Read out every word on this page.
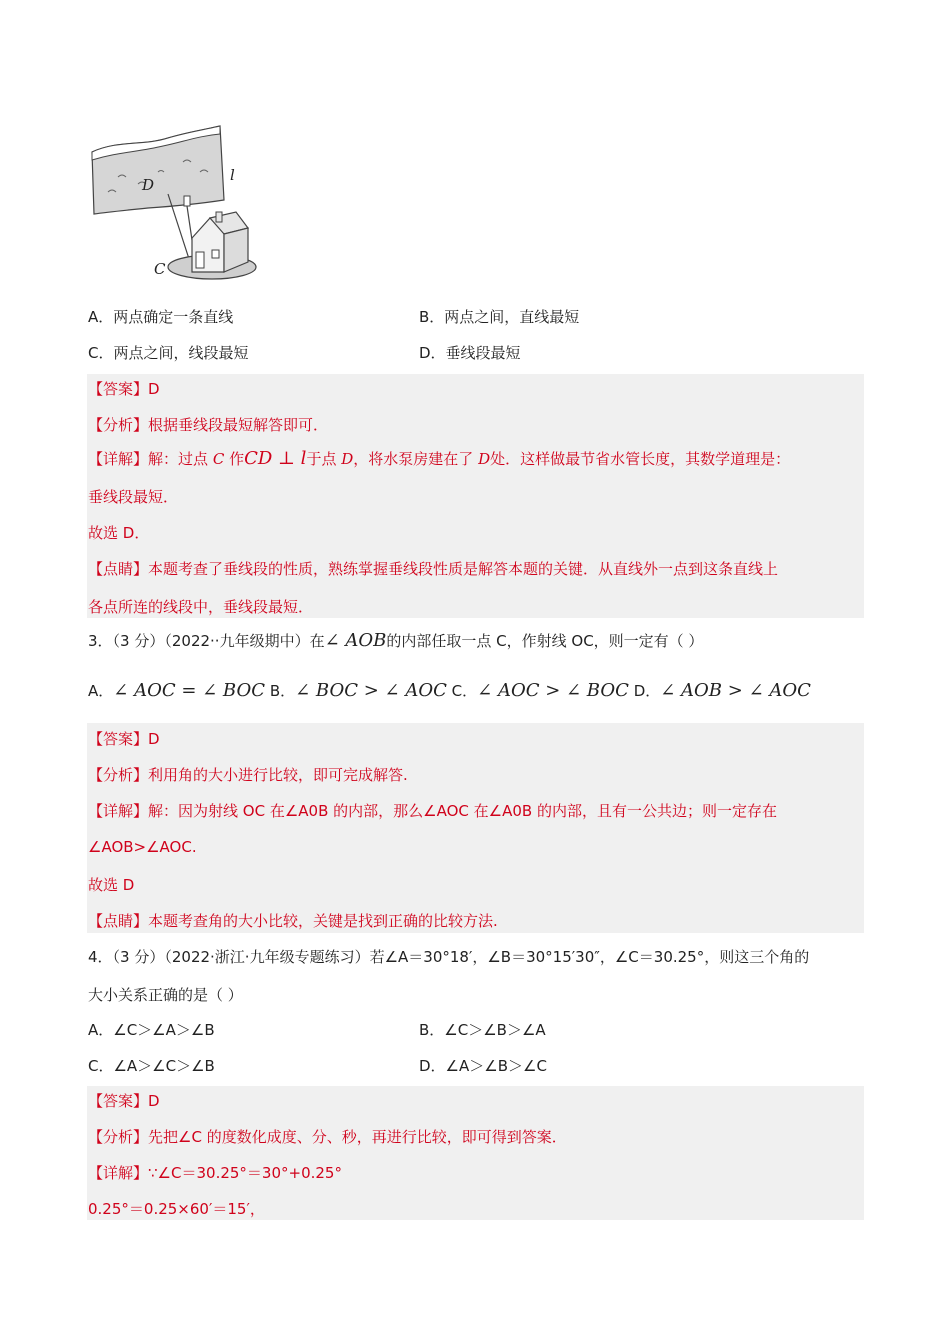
D
l
C
A．两点确定一条直线	B．两点之间，直线最短
C．两点之间，线段最短	D．垂线段最短
【答案】D
【分析】根据垂线段最短解答即可．
【详解】解：过点 C 作CD ⊥ l于点 D，将水泵房建在了 D处．这样做最节省水管长度，其数学道理是：
垂线段最短．
故选 D．
【点睛】本题考查了垂线段的性质，熟练掌握垂线段性质是解答本题的关键．从直线外一点到这条直线上
各点所连的线段中，垂线段最短．
3．（3 分）（2022··九年级期中）在∠ AOB的内部任取一点 C，作射线 OC，则一定有（ ）
A．∠ AOC = ∠ BOC B．∠ BOC > ∠ AOC C．∠ AOC > ∠ BOC D．∠ AOB > ∠ AOC
【答案】D
【分析】利用角的大小进行比较，即可完成解答.
【详解】解：因为射线 OC 在∠A0B 的内部，那么∠AOC 在∠A0B 的内部，且有一公共边；则一定存在
∠AOB>∠AOC.
故选 D
【点睛】本题考查角的大小比较，关键是找到正确的比较方法.
4．（3 分）（2022·浙江·九年级专题练习）若∠A＝30°18′，∠B＝30°15′30″，∠C＝30.25°，则这三个角的
大小关系正确的是（ ）
A．∠C＞∠A＞∠B	B．∠C＞∠B＞∠A
C．∠A＞∠C＞∠B	D．∠A＞∠B＞∠C
【答案】D
【分析】先把∠C 的度数化成度、分、秒，再进行比较，即可得到答案．
【详解】∵∠C＝30.25°＝30°+0.25°
0.25°＝0.25×60′＝15′，
